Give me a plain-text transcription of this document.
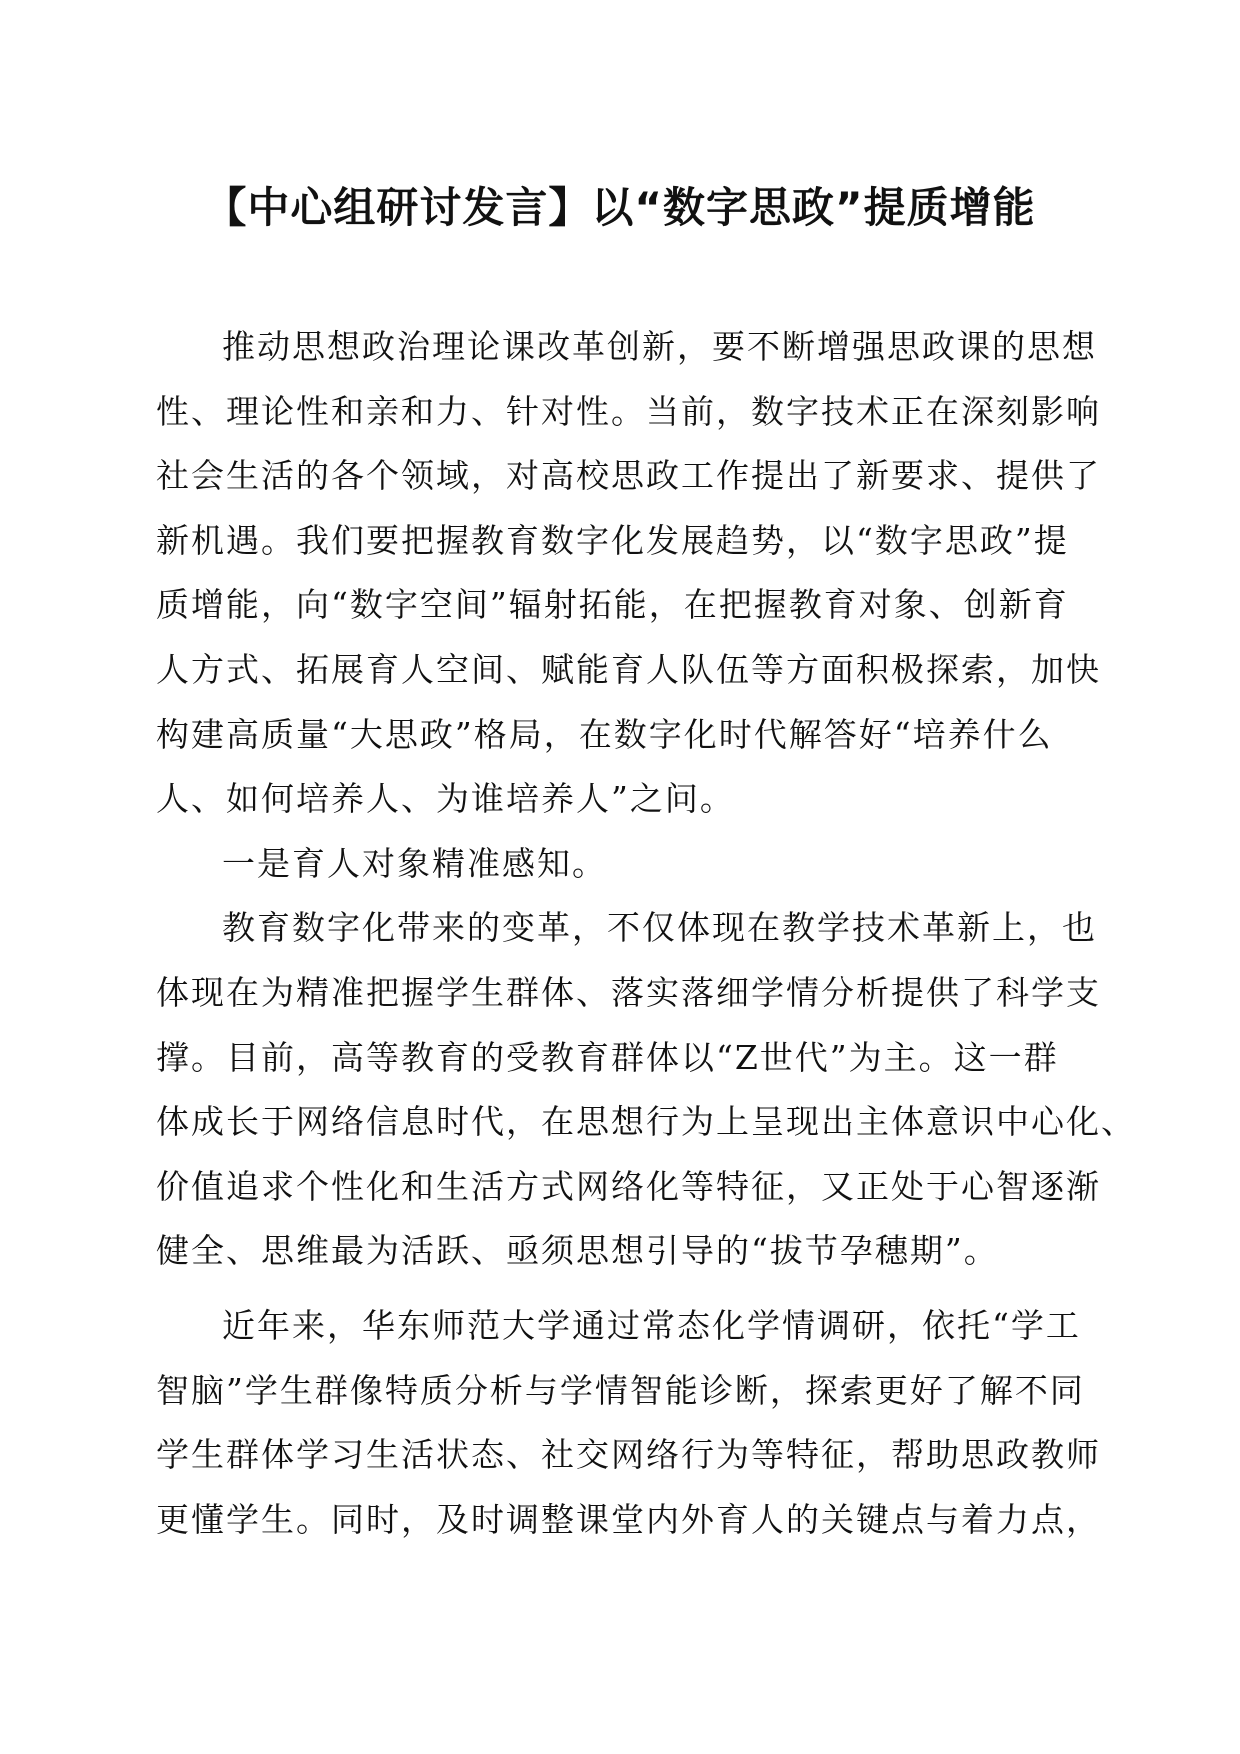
【中心组研讨发言】以“数字思政”提质增能
推动思想政治理论课改革创新，要不断增强思政课的思想
性、理论性和亲和力、针对性。当前，数字技术正在深刻影响
社会生活的各个领域，对高校思政工作提出了新要求、提供了
新机遇。我们要把握教育数字化发展趋势，以“数字思政”提
质增能，向“数字空间”辐射拓能，在把握教育对象、创新育
人方式、拓展育人空间、赋能育人队伍等方面积极探索，加快
构建高质量“大思政”格局，在数字化时代解答好“培养什么
人、如何培养人、为谁培养人”之问。
一是育人对象精准感知。
教育数字化带来的变革，不仅体现在教学技术革新上，也
体现在为精准把握学生群体、落实落细学情分析提供了科学支
撑。目前，高等教育的受教育群体以“Z世代”为主。这一群
体成长于网络信息时代，在思想行为上呈现出主体意识中心化、
价值追求个性化和生活方式网络化等特征，又正处于心智逐渐
健全、思维最为活跃、亟须思想引导的“拔节孕穗期”。
近年来，华东师范大学通过常态化学情调研，依托“学工
智脑”学生群像特质分析与学情智能诊断，探索更好了解不同
学生群体学习生活状态、社交网络行为等特征，帮助思政教师
更懂学生。同时，及时调整课堂内外育人的关键点与着力点，
